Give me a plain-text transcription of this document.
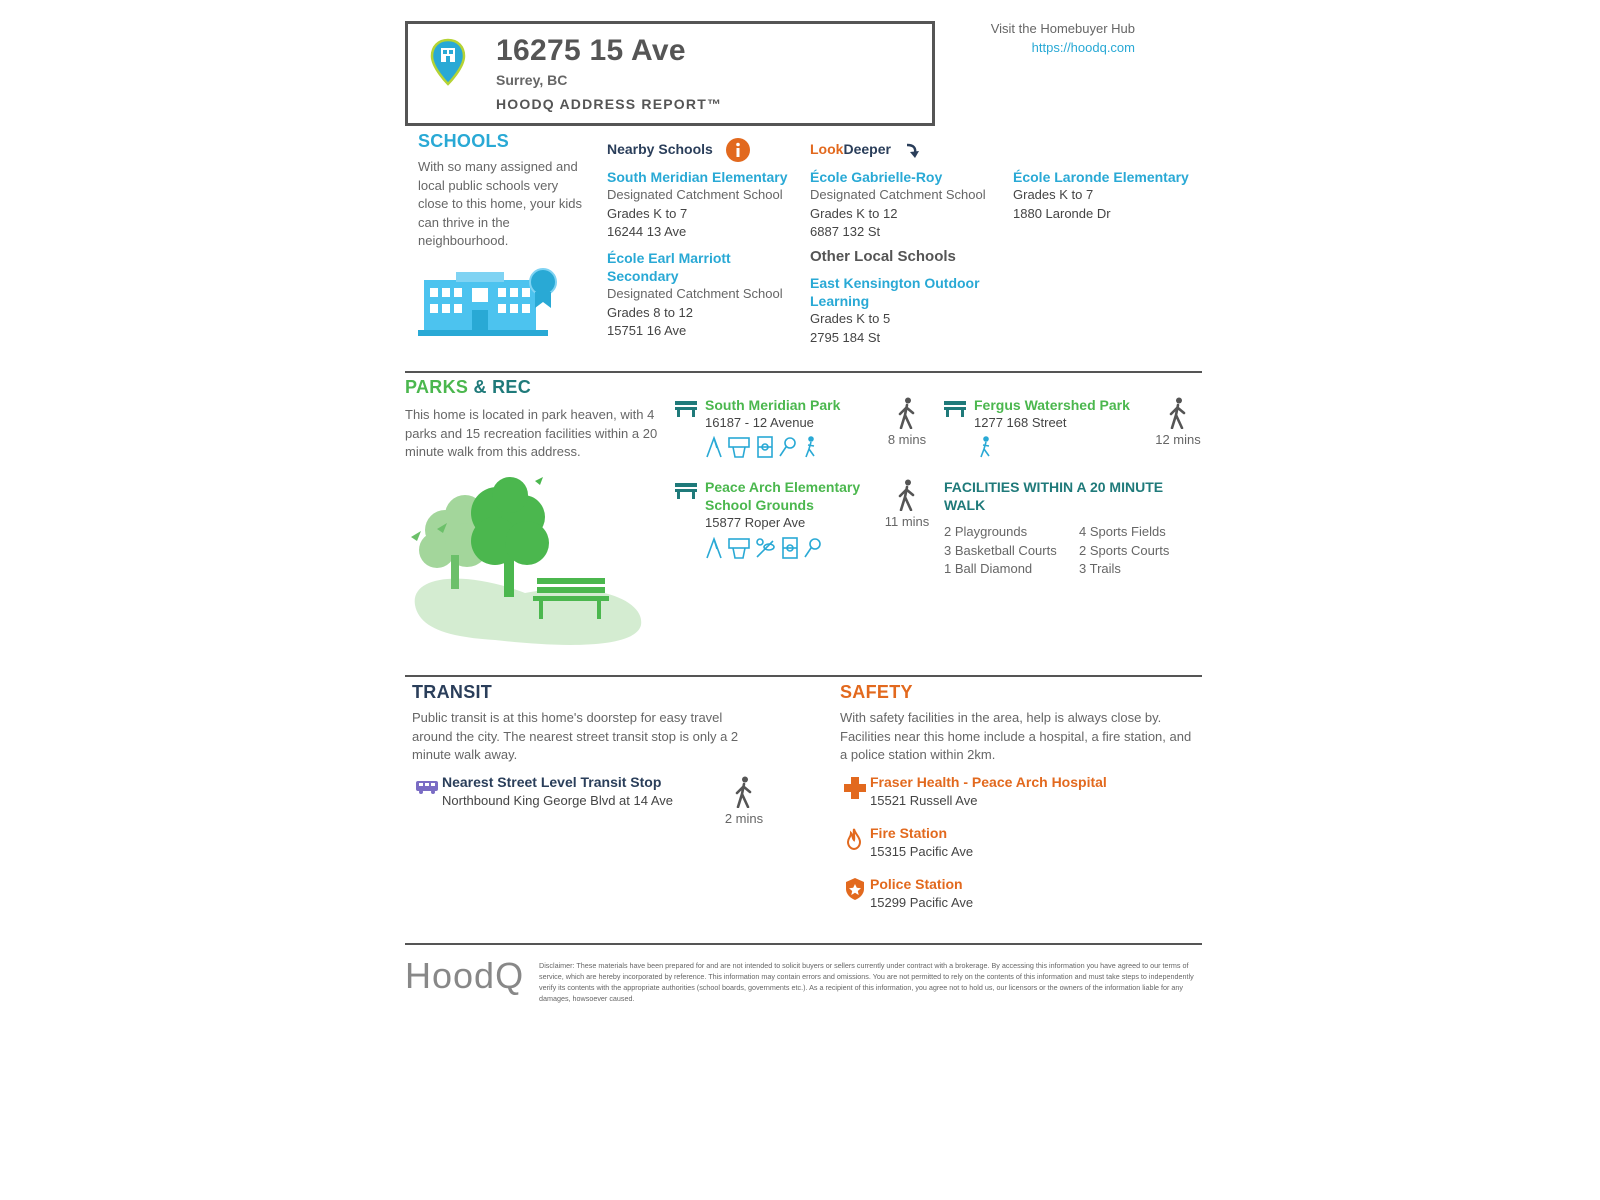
16275 15 Ave
Surrey, BC
HOODQ ADDRESS REPORT™
Visit the Homebuyer Hub
https://hoodq.com
SCHOOLS
With so many assigned and local public schools very close to this home, your kids can thrive in the neighbourhood.
Nearby Schools
South Meridian Elementary
Designated Catchment School
Grades K to 7
16244 13 Ave
École Earl Marriott Secondary
Designated Catchment School
Grades 8 to 12
15751 16 Ave
LookDeeper
École Gabrielle-Roy
Designated Catchment School
Grades K to 12
6887 132 St
Other Local Schools
East Kensington Outdoor Learning
Grades K to 5
2795 184 St
École Laronde Elementary
Grades K to 7
1880 Laronde Dr
PARKS & REC
This home is located in park heaven, with 4 parks and 15 recreation facilities within a 20 minute walk from this address.
South Meridian Park
16187 - 12 Avenue
8 mins
Fergus Watershed Park
1277 168 Street
12 mins
Peace Arch Elementary School Grounds
15877 Roper Ave	11 mins
FACILITIES WITHIN A 20 MINUTE WALK
2 Playgrounds	4 Sports Fields
3 Basketball Courts	2 Sports Courts
1 Ball Diamond	3 Trails
TRANSIT
Public transit is at this home's doorstep for easy travel around the city. The nearest street transit stop is only a 2 minute walk away.
Nearest Street Level Transit Stop
Northbound King George Blvd at 14 Ave
2 mins
SAFETY
With safety facilities in the area, help is always close by. Facilities near this home include a hospital, a fire station, and a police station within 2km.
Fraser Health - Peace Arch Hospital
15521 Russell Ave
Fire Station
15315 Pacific Ave
Police Station
15299 Pacific Ave
HoodQ Disclaimer: These materials have been prepared for and are not intended to solicit buyers or sellers currently under contract with a brokerage. By accessing this information you have agreed to our terms of service, which are hereby incorporated by reference. This information may contain errors and omissions. You are not permitted to rely on the contents of this information and must take steps to independently verify its contents with the appropriate authorities (school boards, governments etc.). As a recipient of this information, you agree not to hold us, our licensors or the owners of the information liable for any damages, howsoever caused.
